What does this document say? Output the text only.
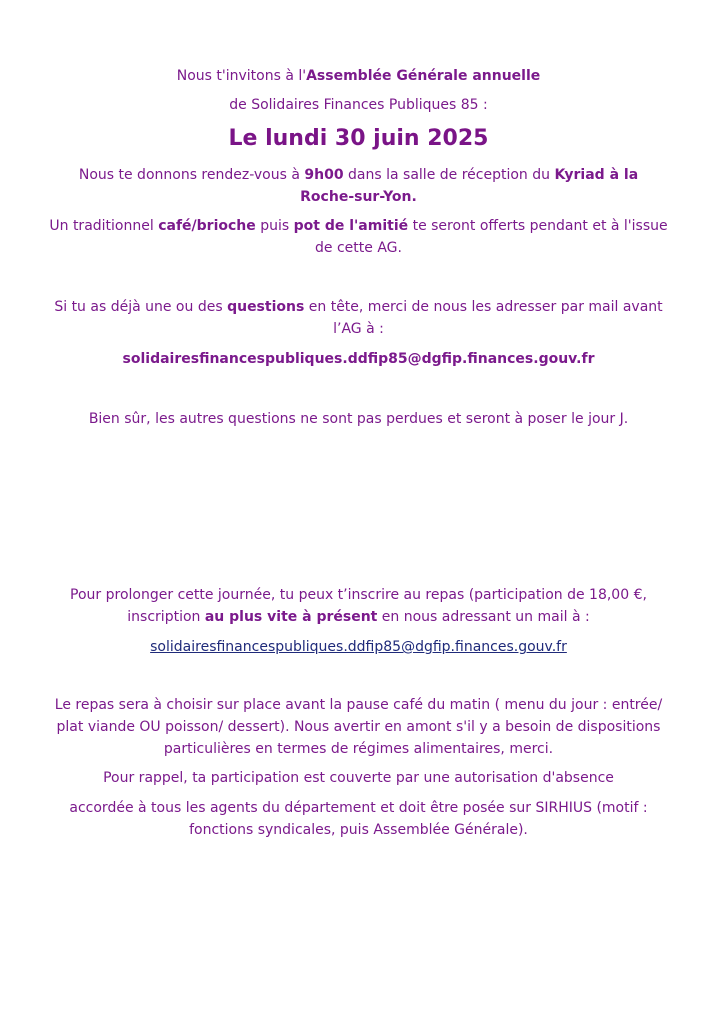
Nous t'invitons à l'Assemblée Générale annuelle

de Solidaires Finances Publiques 85 :

Le lundi 30 juin 2025

Nous te donnons rendez-vous à 9h00 dans la salle de réception du Kyriad à la Roche-sur-Yon.

Un traditionnel café/brioche puis pot de l'amitié te seront offerts pendant et à l'issue de cette AG.

Si tu as déjà une ou des questions en tête, merci de nous les adresser par mail avant l’AG à :

solidairesfinancespubliques.ddfip85@dgfip.finances.gouv.fr

Bien sûr, les autres questions ne sont pas perdues et seront à poser le jour J.

Pour prolonger cette journée, tu peux t’inscrire au repas (participation de 18,00 €, inscription au plus vite à présent en nous adressant un mail à :

solidairesfinancespubliques.ddfip85@dgfip.finances.gouv.fr

Le repas sera à choisir sur place avant la pause café du matin ( menu du jour : entrée/ plat viande OU poisson/ dessert). Nous avertir en amont s'il y a besoin de dispositions particulières en termes de régimes alimentaires, merci.

Pour rappel, ta participation est couverte par une autorisation d'absence

accordée à tous les agents du département et doit être posée sur SIRHIUS (motif : fonctions syndicales, puis Assemblée Générale).
